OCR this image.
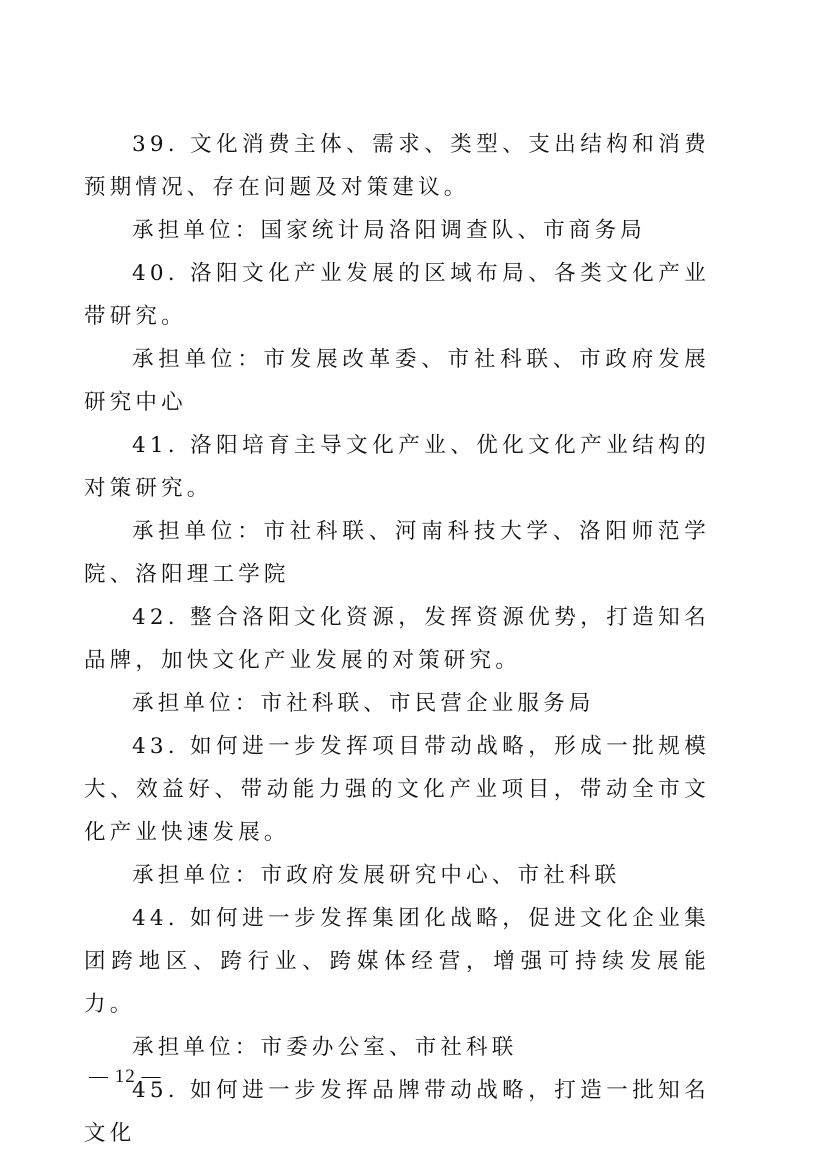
39. 文化消费主体、需求、类型、支出结构和消费预期情况、存在问题及对策建议。

承担单位：国家统计局洛阳调查队、市商务局

40. 洛阳文化产业发展的区域布局、各类文化产业带研究。

承担单位：市发展改革委、市社科联、市政府发展研究中心

41. 洛阳培育主导文化产业、优化文化产业结构的对策研究。

承担单位：市社科联、河南科技大学、洛阳师范学院、洛阳理工学院

42. 整合洛阳文化资源，发挥资源优势，打造知名品牌，加快文化产业发展的对策研究。

承担单位：市社科联、市民营企业服务局

43. 如何进一步发挥项目带动战略，形成一批规模大、效益好、带动能力强的文化产业项目，带动全市文化产业快速发展。

承担单位：市政府发展研究中心、市社科联

44. 如何进一步发挥集团化战略，促进文化企业集团跨地区、跨行业、跨媒体经营，增强可持续发展能力。

承担单位：市委办公室、市社科联

45. 如何进一步发挥品牌带动战略，打造一批知名文化

— 12 —
